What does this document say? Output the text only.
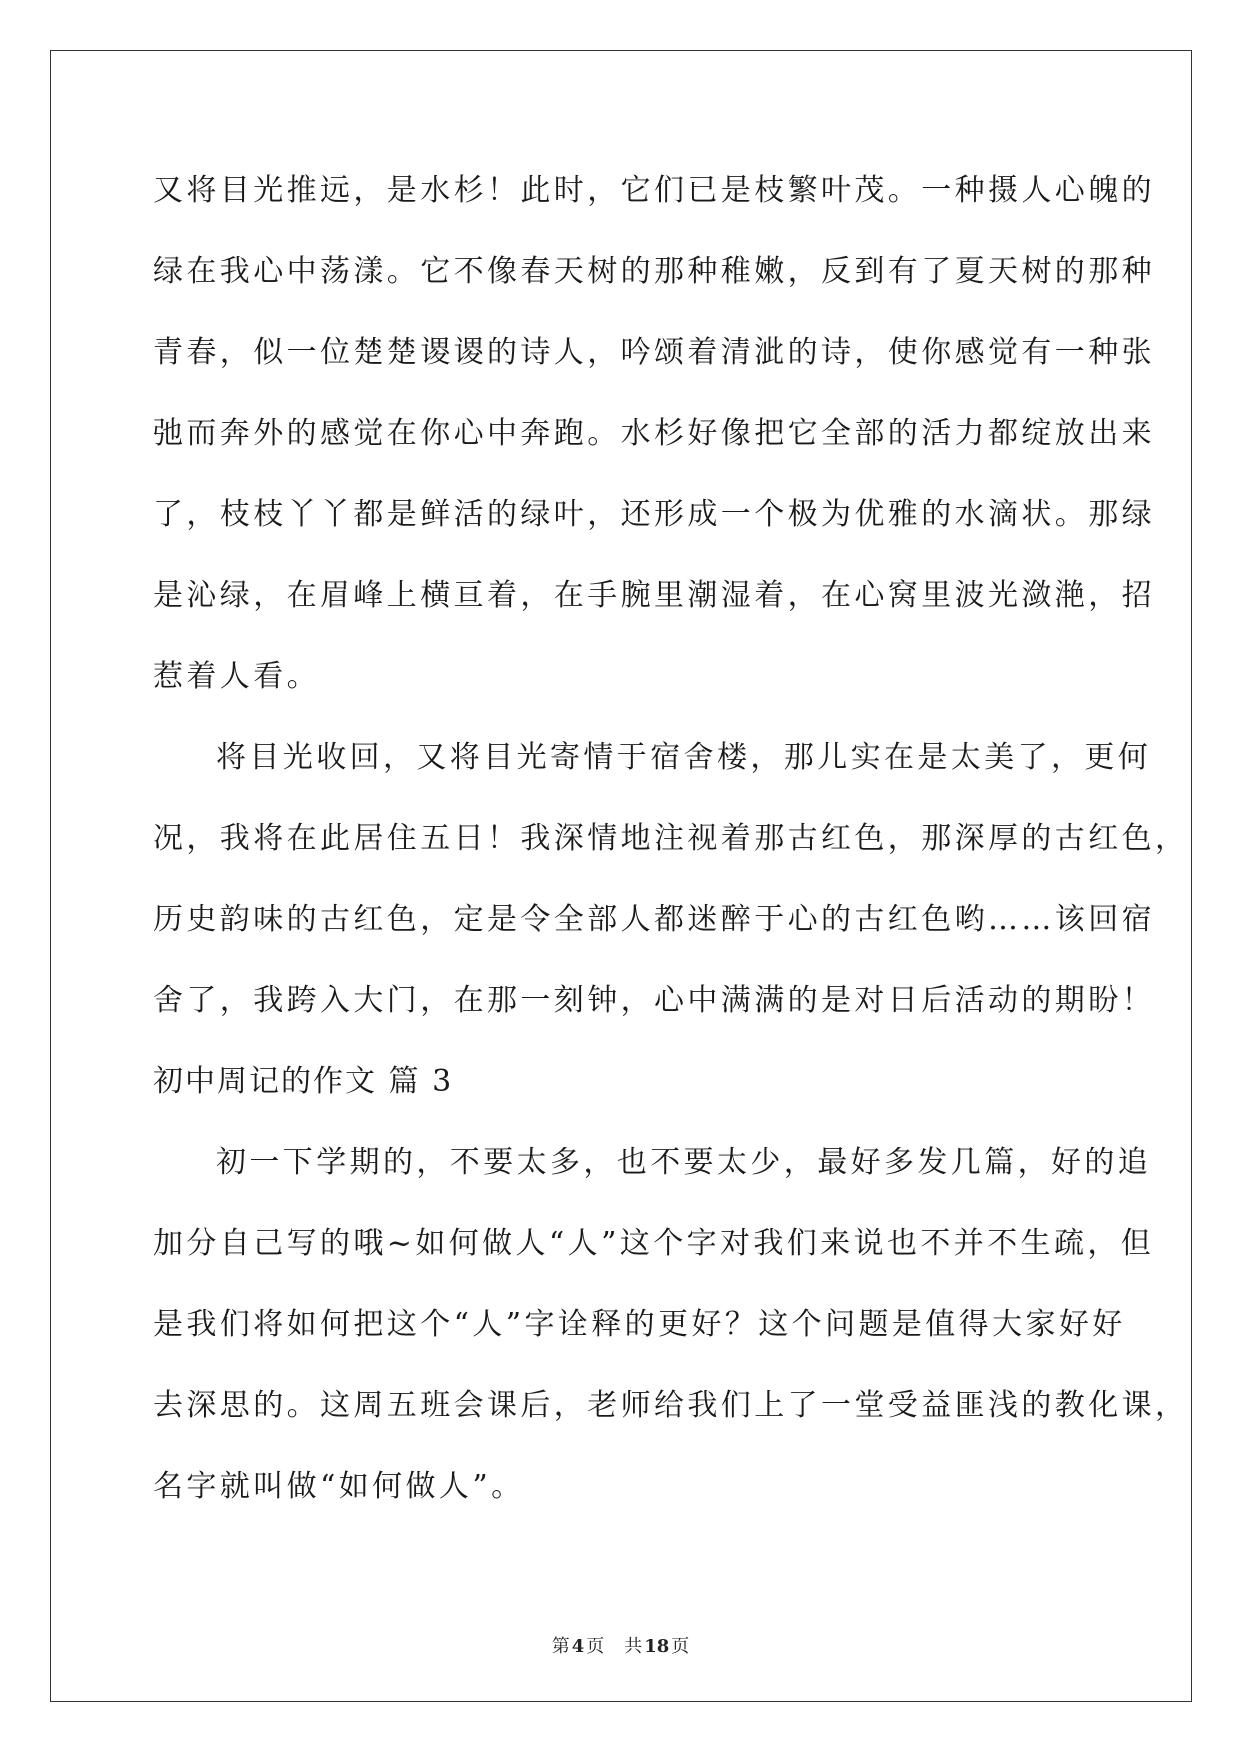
又将目光推远，是水杉！此时，它们已是枝繁叶茂。一种摄人心魄的
绿在我心中荡漾。它不像春天树的那种稚嫩，反到有了夏天树的那种
青春，似一位楚楚谡谡的诗人，吟颂着清泚的诗，使你感觉有一种张
弛而奔外的感觉在你心中奔跑。水杉好像把它全部的活力都绽放出来
了，枝枝丫丫都是鲜活的绿叶，还形成一个极为优雅的水滴状。那绿
是沁绿，在眉峰上横亘着，在手腕里潮湿着，在心窝里波光潋滟，招
惹着人看。
将目光收回，又将目光寄情于宿舍楼，那儿实在是太美了，更何
况，我将在此居住五日！我深情地注视着那古红色，那深厚的古红色，
历史韵味的古红色，定是令全部人都迷醉于心的古红色哟……该回宿
舍了，我跨入大门，在那一刻钟，心中满满的是对日后活动的期盼！
初中周记的作文 篇 3
初一下学期的，不要太多，也不要太少，最好多发几篇，好的追
加分自己写的哦~如何做人“人”这个字对我们来说也不并不生疏，但
是我们将如何把这个“人”字诠释的更好？这个问题是值得大家好好
去深思的。这周五班会课后，老师给我们上了一堂受益匪浅的教化课，
名字就叫做“如何做人”。
第 4 页 共 18 页
